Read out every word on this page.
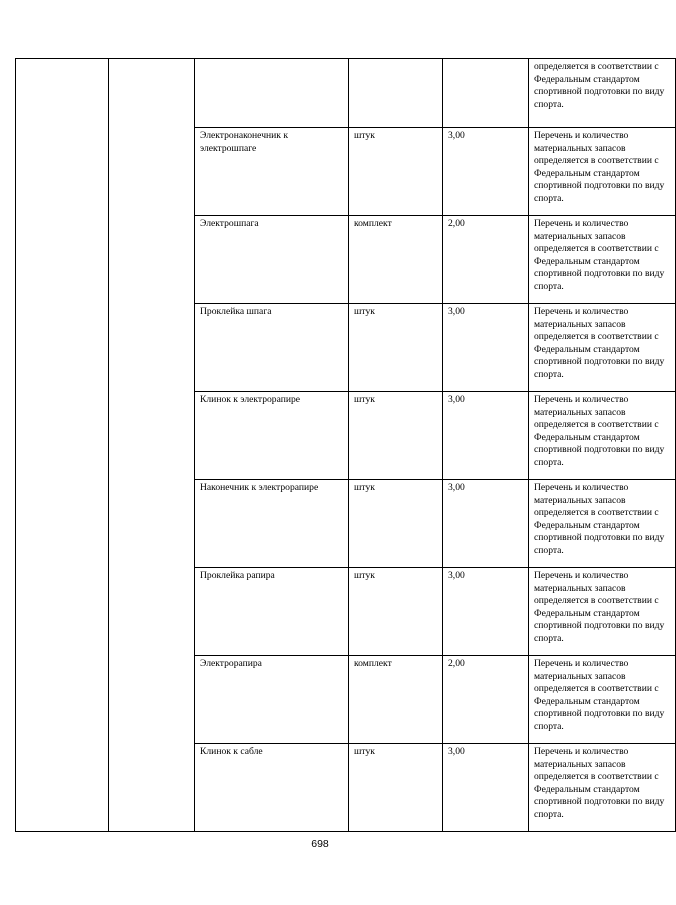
					определяется в соответствии с Федеральным стандартом спортивной подготовки по виду спорта.
		Электронаконечник к электрошпаге	штук	3,00	Перечень и количество материальных запасов определяется в соответствии с Федеральным стандартом спортивной подготовки по виду спорта.
		Электрошпага	комплект	2,00	Перечень и количество материальных запасов определяется в соответствии с Федеральным стандартом спортивной подготовки по виду спорта.
		Проклейка шпага	штук	3,00	Перечень и количество материальных запасов определяется в соответствии с Федеральным стандартом спортивной подготовки по виду спорта.
		Клинок к электрорапире	штук	3,00	Перечень и количество материальных запасов определяется в соответствии с Федеральным стандартом спортивной подготовки по виду спорта.
		Наконечник к электрорапире	штук	3,00	Перечень и количество материальных запасов определяется в соответствии с Федеральным стандартом спортивной подготовки по виду спорта.
		Проклейка рапира	штук	3,00	Перечень и количество материальных запасов определяется в соответствии с Федеральным стандартом спортивной подготовки по виду спорта.
		Электрорапира	комплект	2,00	Перечень и количество материальных запасов определяется в соответствии с Федеральным стандартом спортивной подготовки по виду спорта.
		Клинок к сабле	штук	3,00	Перечень и количество материальных запасов определяется в соответствии с Федеральным стандартом спортивной подготовки по виду спорта.
698
